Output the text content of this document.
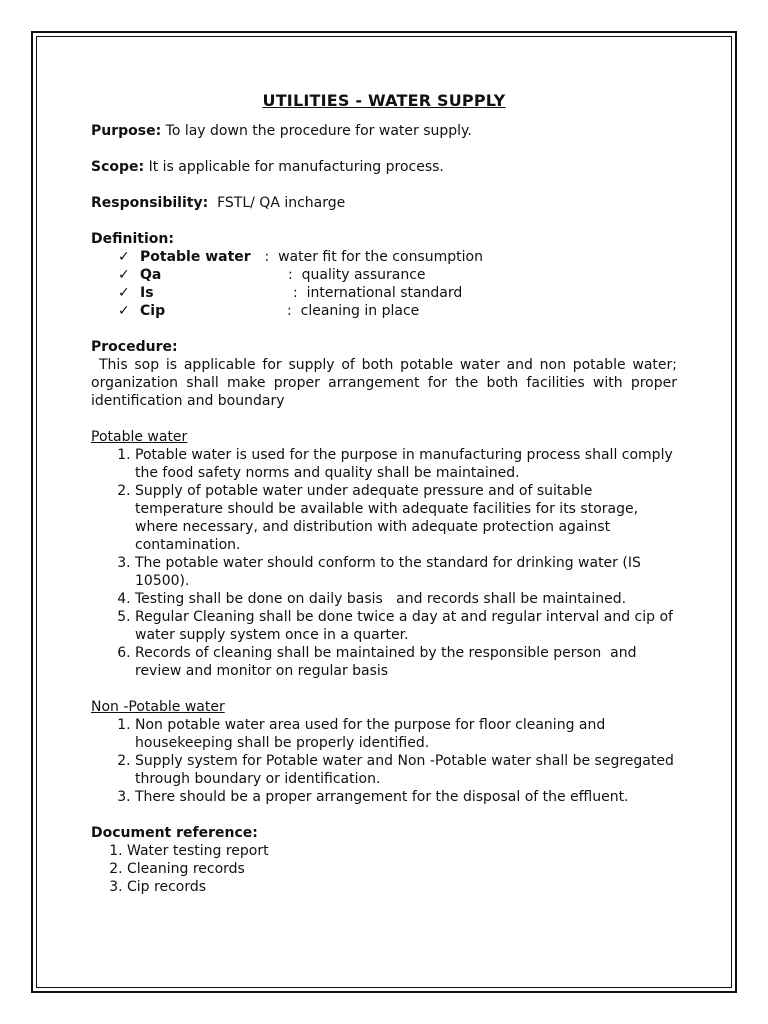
UTILITIES - WATER SUPPLY

Purpose: To lay down the procedure for water supply.

Scope: It is applicable for manufacturing process.

Responsibility:  FSTL/ QA incharge

Definition:

✓ Potable water : water fit for the consumption
✓ Qa	: quality assurance
✓ Is	: international standard
✓ Cip	: cleaning in place

Procedure:

This sop is applicable for supply of both potable water and non potable water; organization shall make proper arrangement for the both facilities with proper identification and boundary

Potable water

1. Potable water is used for the purpose in manufacturing process shall comply the food safety norms and quality shall be maintained.
2. Supply of potable water under adequate pressure and of suitable temperature should be available with adequate facilities for its storage, where necessary, and distribution with adequate protection against contamination.
3. The potable water should conform to the standard for drinking water (IS 10500).
4. Testing shall be done on daily basis   and records shall be maintained.
5. Regular Cleaning shall be done twice a day at and regular interval and cip of water supply system once in a quarter.
6. Records of cleaning shall be maintained by the responsible person  and review and monitor on regular basis

Non -Potable water

1. Non potable water area used for the purpose for floor cleaning and housekeeping shall be properly identified.
2. Supply system for Potable water and Non -Potable water shall be segregated through boundary or identification.
3. There should be a proper arrangement for the disposal of the effluent.

Document reference:

1. Water testing report
2. Cleaning records
3. Cip records
